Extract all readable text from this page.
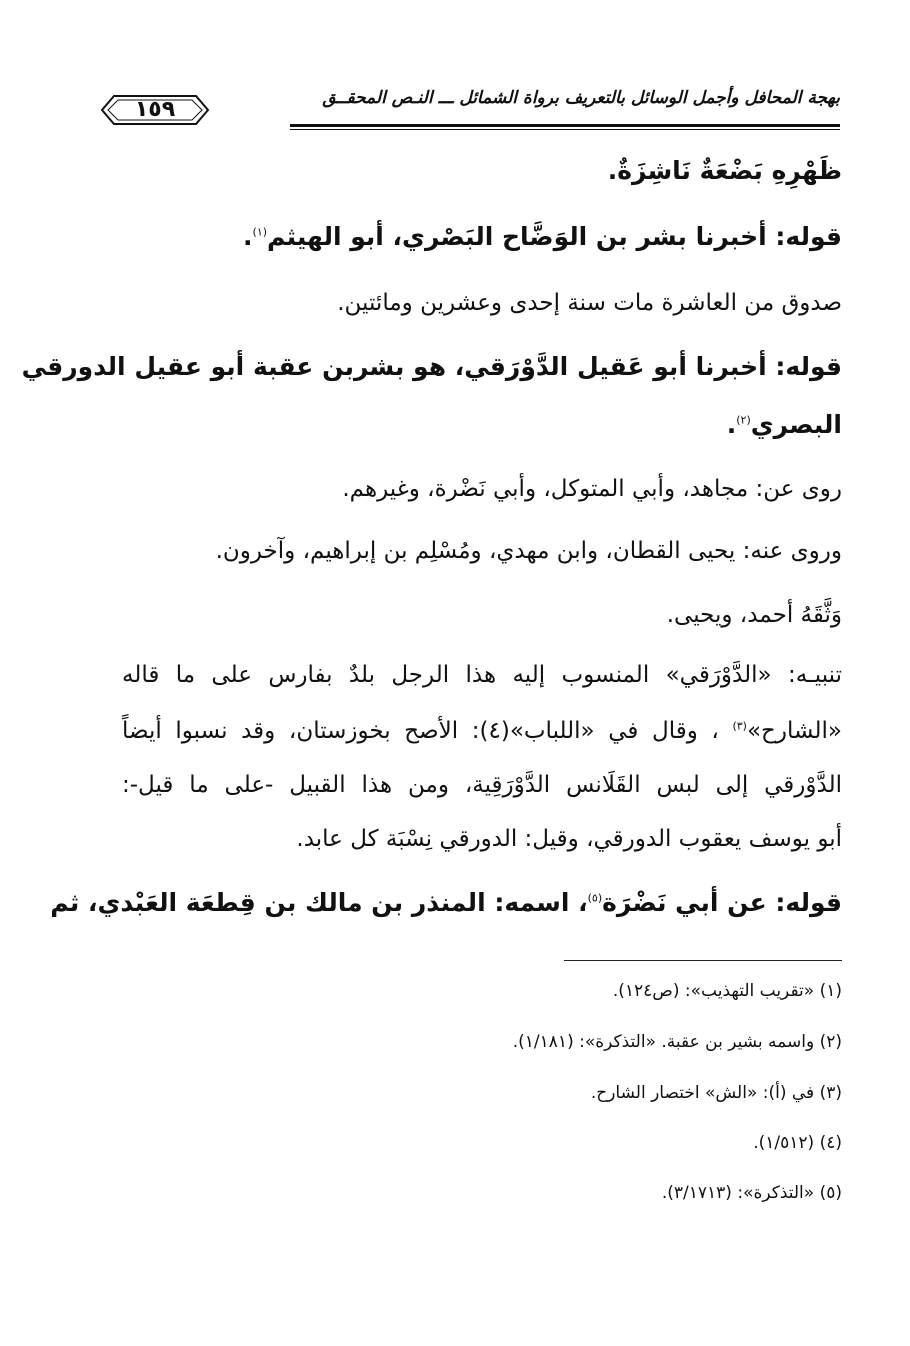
بهجة المحافل وأجمل الوسائل بالتعريف برواة الشمائل ـــ النـص المحقــق
١٥٩
ظَهْرِهِ بَضْعَةٌ نَاشِزَةٌ.
قوله: أخبرنا بشر بن الوَضَّاح البَصْري، أبو الهيثم$^{(١)}$.
صدوق من العاشرة مات سنة إحدى وعشرين ومائتين.
قوله: أخبرنا أبو عَقيل الدَّوْرَقي، هو بشربن عقبة أبو عقيل الدورقي
البصري$^{(٢)}$.
روى عن: مجاهد، وأبي المتوكل، وأبي نَضْرة، وغيرهم.
وروى عنه: يحيى القطان، وابن مهدي، ومُسْلِم بن إبراهيم، وآخرون.
وَثَّقَهُ أحمد، ويحيى.
تنبيـه: «الدَّوْرَقي» المنسوب إليه هذا الرجل بلدٌ بفارس على ما قاله
«الشارح»$^{(٣)}$ ، وقال في «اللباب»(٤): الأصح بخوزستان، وقد نسبوا أيضاً
الدَّوْرقي إلى لبس القَلَانس الدَّوْرَقِية، ومن هذا القبيل -على ما قيل-:
أبو يوسف يعقوب الدورقي، وقيل: الدورقي نِسْبَة كل عابد.
قوله: عن أبي نَضْرَة$^{(٥)}$، اسمه: المنذر بن مالك بن قِطعَة العَبْدي، ثم
(١) «تقريب التهذيب»: (ص١٢٤).
(٢) واسمه بشير بن عقبة. «التذكرة»: (١/١٨١).
(٣) في (أ): «الش» اختصار الشارح.
(٤) (١/٥١٢).
(٥) «التذكرة»: (٣/١٧١٣).
